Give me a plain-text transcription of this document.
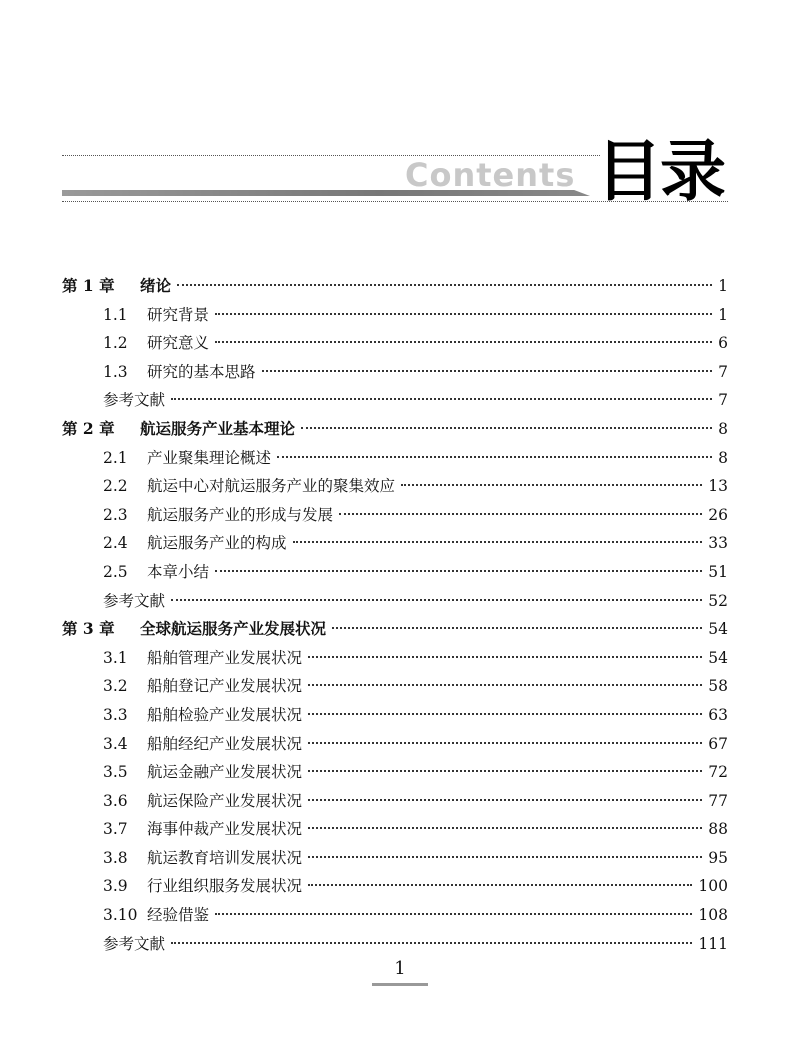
Contents 目录
第 1 章	绪论	1
1.1	研究背景	1
1.2	研究意义	6
1.3	研究的基本思路	7
参考文献	7
第 2 章	航运服务产业基本理论	8
2.1	产业聚集理论概述	8
2.2	航运中心对航运服务产业的聚集效应	13
2.3	航运服务产业的形成与发展	26
2.4	航运服务产业的构成	33
2.5	本章小结	51
参考文献	52
第 3 章	全球航运服务产业发展状况	54
3.1	船舶管理产业发展状况	54
3.2	船舶登记产业发展状况	58
3.3	船舶检验产业发展状况	63
3.4	船舶经纪产业发展状况	67
3.5	航运金融产业发展状况	72
3.6	航运保险产业发展状况	77
3.7	海事仲裁产业发展状况	88
3.8	航运教育培训发展状况	95
3.9	行业组织服务发展状况	100
3.10 经验借鉴	108
参考文献	111
1
